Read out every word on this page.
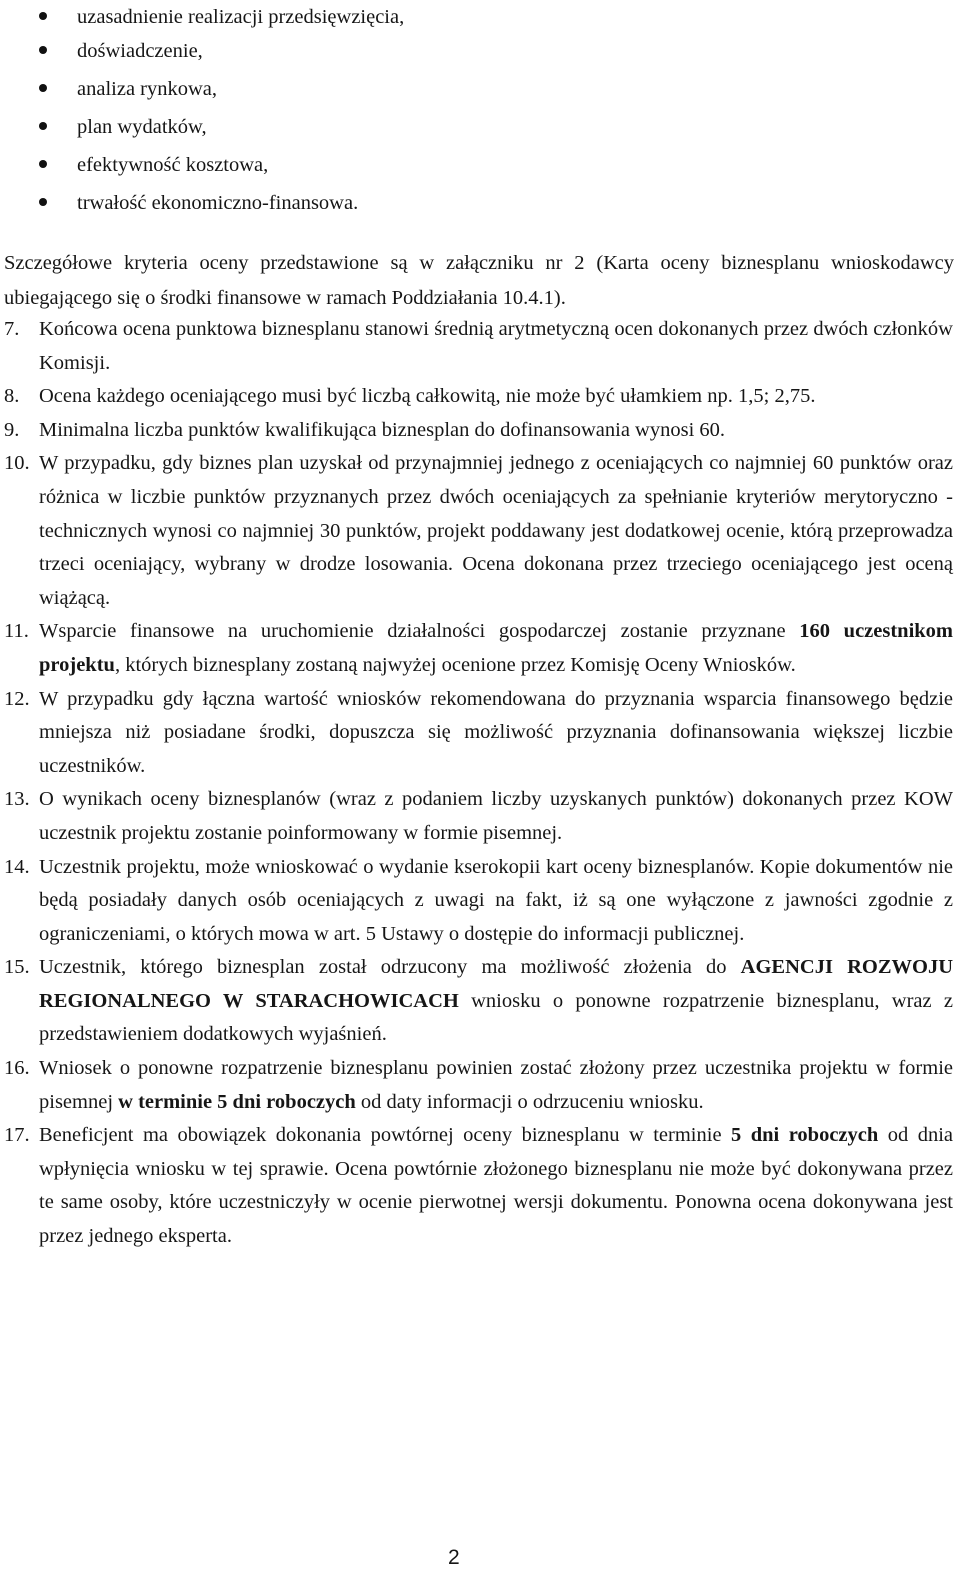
uzasadnienie realizacji przedsięwzięcia,
doświadczenie,
analiza rynkowa,
plan wydatków,
efektywność kosztowa,
trwałość ekonomiczno-finansowa.

Szczegółowe kryteria oceny przedstawione są w załączniku nr 2 (Karta oceny biznesplanu wnioskodawcy ubiegającego się o środki finansowe w ramach Poddziałania 10.4.1).

7. Końcowa ocena punktowa biznesplanu stanowi średnią arytmetyczną ocen dokonanych przez dwóch członków Komisji.
8. Ocena każdego oceniającego musi być liczbą całkowitą, nie może być ułamkiem np. 1,5; 2,75.
9. Minimalna liczba punktów kwalifikująca biznesplan do dofinansowania wynosi 60.
10. W przypadku, gdy biznes plan uzyskał od przynajmniej jednego z oceniających co najmniej 60 punktów oraz różnica w liczbie punktów przyznanych przez dwóch oceniających za spełnianie kryteriów merytoryczno - technicznych wynosi co najmniej 30 punktów, projekt poddawany jest dodatkowej ocenie, którą przeprowadza trzeci oceniający, wybrany w drodze losowania. Ocena dokonana przez trzeciego oceniającego jest oceną wiążącą.
11. Wsparcie finansowe na uruchomienie działalności gospodarczej zostanie przyznane 160 uczestnikom projektu, których biznesplany zostaną najwyżej ocenione przez Komisję Oceny Wniosków.
12. W przypadku gdy łączna wartość wniosków rekomendowana do przyznania wsparcia finansowego będzie mniejsza niż posiadane środki, dopuszcza się możliwość przyznania dofinansowania większej liczbie uczestników.
13. O wynikach oceny biznesplanów (wraz z podaniem liczby uzyskanych punktów) dokonanych przez KOW uczestnik projektu zostanie poinformowany w formie pisemnej.
14. Uczestnik projektu, może wnioskować o wydanie kserokopii kart oceny biznesplanów. Kopie dokumentów nie będą posiadały danych osób oceniających z uwagi na fakt, iż są one wyłączone z jawności zgodnie z ograniczeniami, o których mowa w art. 5 Ustawy o dostępie do informacji publicznej.
15. Uczestnik, którego biznesplan został odrzucony ma możliwość złożenia do AGENCJI ROZWOJU REGIONALNEGO W STARACHOWICACH wniosku o ponowne rozpatrzenie biznesplanu, wraz z przedstawieniem dodatkowych wyjaśnień.
16. Wniosek o ponowne rozpatrzenie biznesplanu powinien zostać złożony przez uczestnika projektu w formie pisemnej w terminie 5 dni roboczych od daty informacji o odrzuceniu wniosku.
17. Beneficjent ma obowiązek dokonania powtórnej oceny biznesplanu w terminie 5 dni roboczych od dnia wpłynięcia wniosku w tej sprawie. Ocena powtórnie złożonego biznesplanu nie może być dokonywana przez te same osoby, które uczestniczyły w ocenie pierwotnej wersji dokumentu. Ponowna ocena dokonywana jest przez jednego eksperta.
2
